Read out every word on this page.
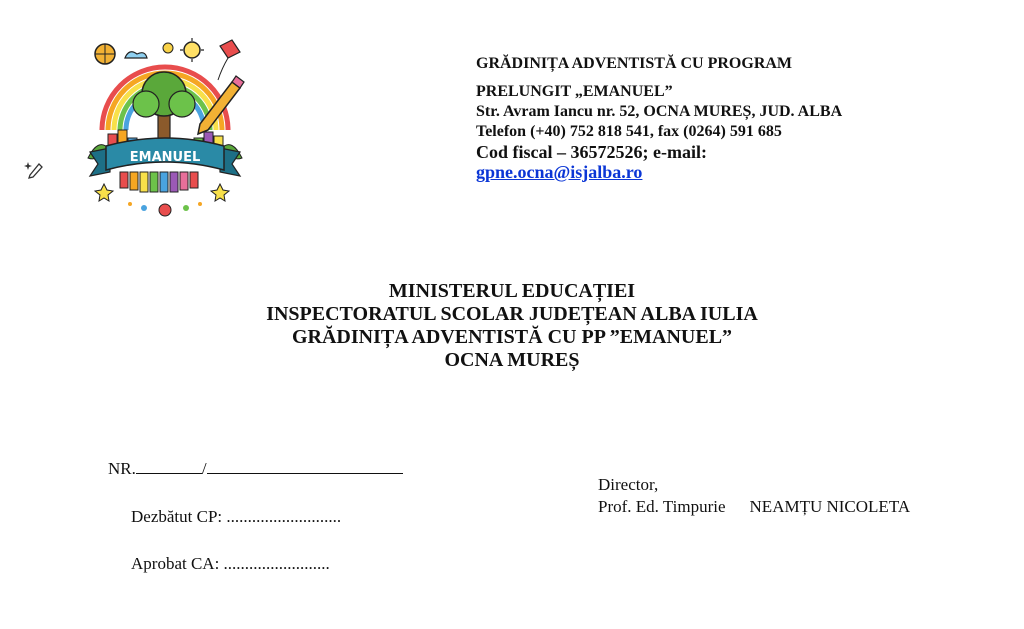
EMANUEL
GRĂDINIȚA ADVENTISTĂ CU PROGRAM
PRELUNGIT „EMANUEL”
Str. Avram Iancu nr. 52, OCNA MUREȘ, JUD. ALBA
Telefon (+40) 752 818 541, fax (0264) 591 685
Cod fiscal – 36572526; e-mail:
gpne.ocna@isjalba.ro
MINISTERUL EDUCAȚIEI
INSPECTORATUL SCOLAR JUDEȚEAN ALBA IULIA
GRĂDINIȚA ADVENTISTĂ CU PP ”EMANUEL”
OCNA MUREȘ
NR.	/
Dezbătut CP: ...........................
Aprobat CA: .........................
Director,
Prof. Ed. Timpurie NEAMȚU NICOLETA
